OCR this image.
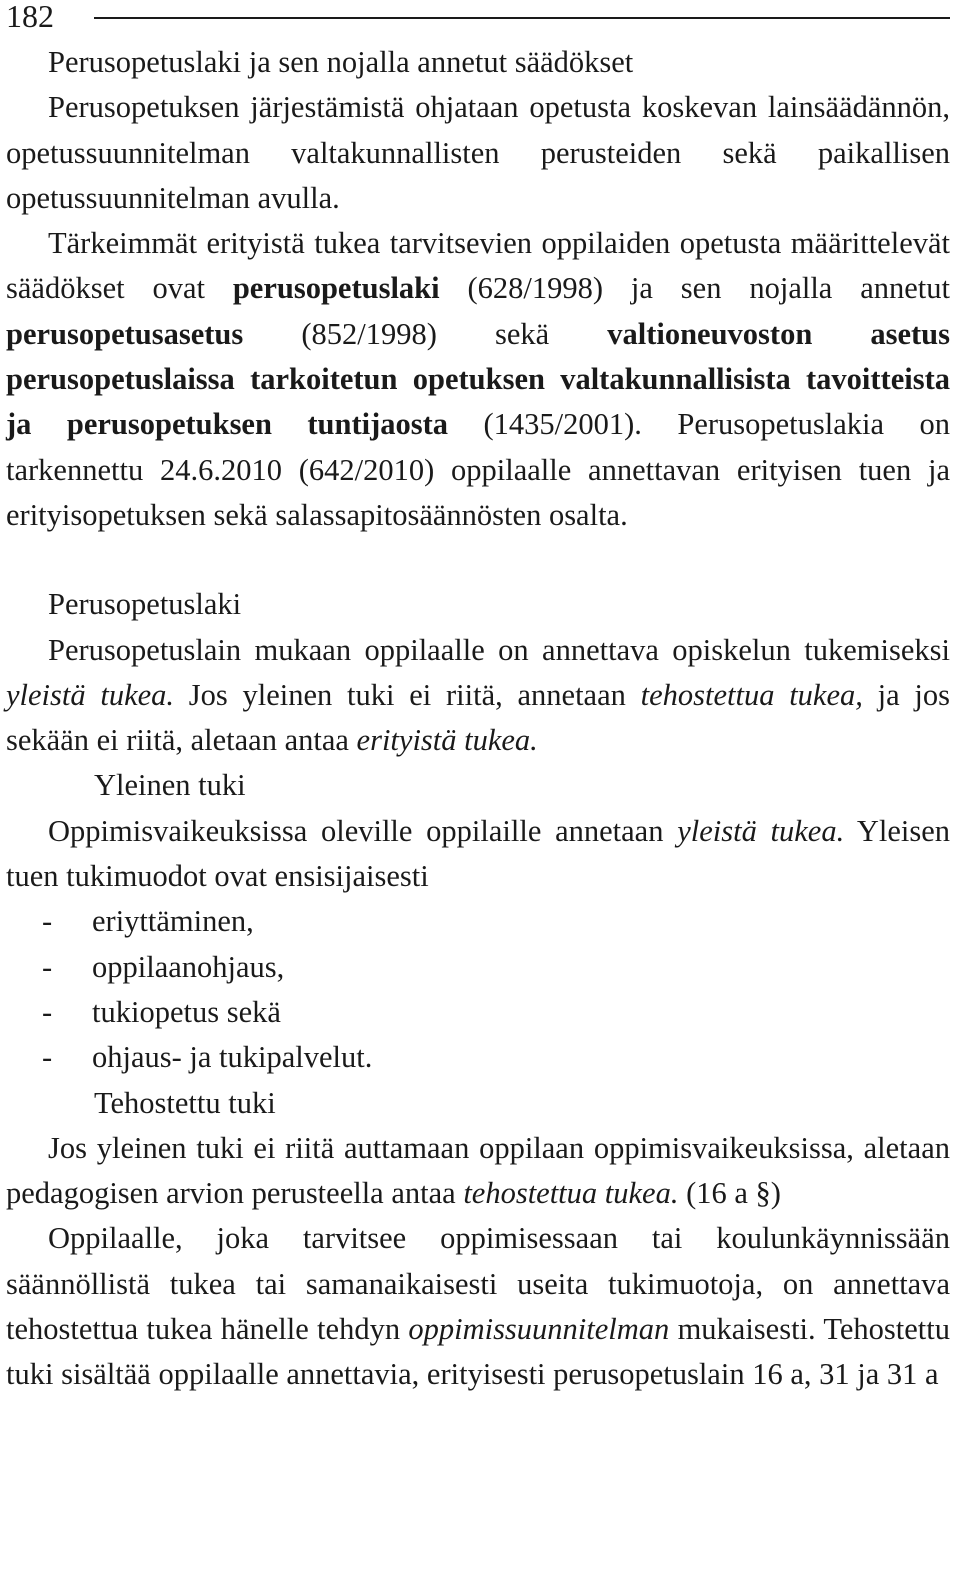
182

Perusopetuslaki ja sen nojalla annetut säädökset

Perusopetuksen järjestämistä ohjataan opetusta koskevan lainsäädännön, opetussuunnitelman valtakunnallisten perusteiden sekä paikallisen opetussuunnitelman avulla.

Tärkeimmät erityistä tukea tarvitsevien oppilaiden opetusta määrittelevät säädökset ovat perusopetuslaki (628/1998) ja sen nojalla annetut perusopetusasetus (852/1998) sekä valtioneuvoston asetus perusopetuslaissa tarkoitetun opetuksen valtakunnallisista tavoitteista ja perusopetuksen tuntijaosta (1435/2001). Perusopetuslakia on tarkennettu 24.6.2010 (642/2010) oppilaalle annettavan erityisen tuen ja erityisopetuksen sekä salassapitosäännösten osalta.

Perusopetuslaki

Perusopetuslain mukaan oppilaalle on annettava opiskelun tukemiseksi yleistä tukea. Jos yleinen tuki ei riitä, annetaan tehostettua tukea, ja jos sekään ei riitä, aletaan antaa erityistä tukea.

Yleinen tuki

Oppimisvaikeuksissa oleville oppilaille annetaan yleistä tukea. Yleisen tuen tukimuodot ovat ensisijaisesti

- eriyttäminen,
- oppilaanohjaus,
- tukiopetus sekä
- ohjaus- ja tukipalvelut.

Tehostettu tuki

Jos yleinen tuki ei riitä auttamaan oppilaan oppimisvaikeuksissa, aletaan pedagogisen arvion perusteella antaa tehostettua tukea. (16 a §)

Oppilaalle, joka tarvitsee oppimisessaan tai koulunkäynnissään säännöllistä tukea tai samanaikaisesti useita tukimuotoja, on annettava tehostettua tukea hänelle tehdyn oppimissuunnitelman mukaisesti. Tehostettu tuki sisältää oppilaalle annettavia, erityisesti perusopetuslain 16 a, 31 ja 31 a
